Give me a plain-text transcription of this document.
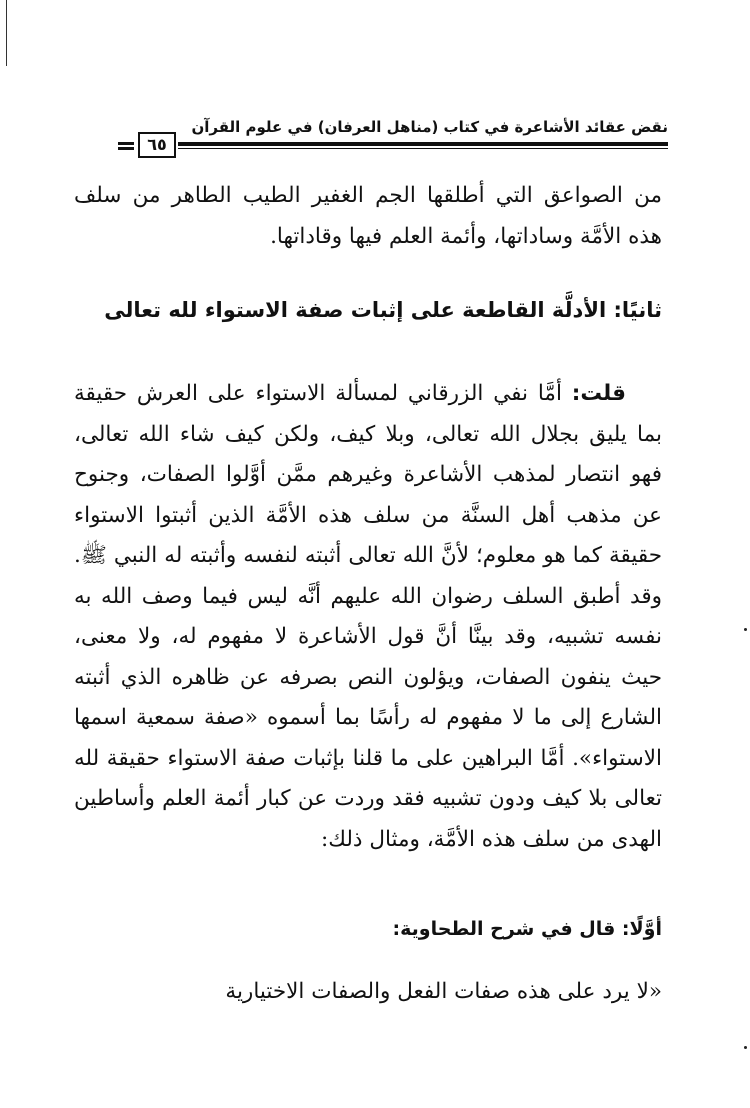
نقض عقائد الأشاعرة في كتاب (مناهل العرفان) في علوم القرآن
٦٥
من الصواعق التي أطلقها الجم الغفير الطيب الطاهر من سلف هذه الأمَّة وساداتها، وأئمة العلم فيها وقاداتها.
ثانيًا: الأدلَّة القاطعة على إثبات صفة الاستواء لله تعالى
قلت: أمَّا نفي الزرقاني لمسألة الاستواء على العرش حقيقة بما يليق بجلال الله تعالى، وبلا كيف، ولكن كيف شاء الله تعالى، فهو انتصار لمذهب الأشاعرة وغيرهم ممَّن أوَّلوا الصفات، وجنوح عن مذهب أهل السنَّة من سلف هذه الأمَّة الذين أثبتوا الاستواء حقيقة كما هو معلوم؛ لأنَّ الله تعالى أثبته لنفسه وأثبته له النبي ﷺ. وقد أطبق السلف رضوان الله عليهم أنَّه ليس فيما وصف الله به نفسه تشبيه، وقد بينَّا أنَّ قول الأشاعرة لا مفهوم له، ولا معنى، حيث ينفون الصفات، ويؤلون النص بصرفه عن ظاهره الذي أثبته الشارع إلى ما لا مفهوم له رأسًا بما أسموه «صفة سمعية اسمها الاستواء». أمَّا البراهين على ما قلنا بإثبات صفة الاستواء حقيقة لله تعالى بلا كيف ودون تشبيه فقد وردت عن كبار أئمة العلم وأساطين الهدى من سلف هذه الأمَّة، ومثال ذلك:
أوَّلًا: قال في شرح الطحاوية:
«لا يرد على هذه صفات الفعل والصفات الاختيارية
